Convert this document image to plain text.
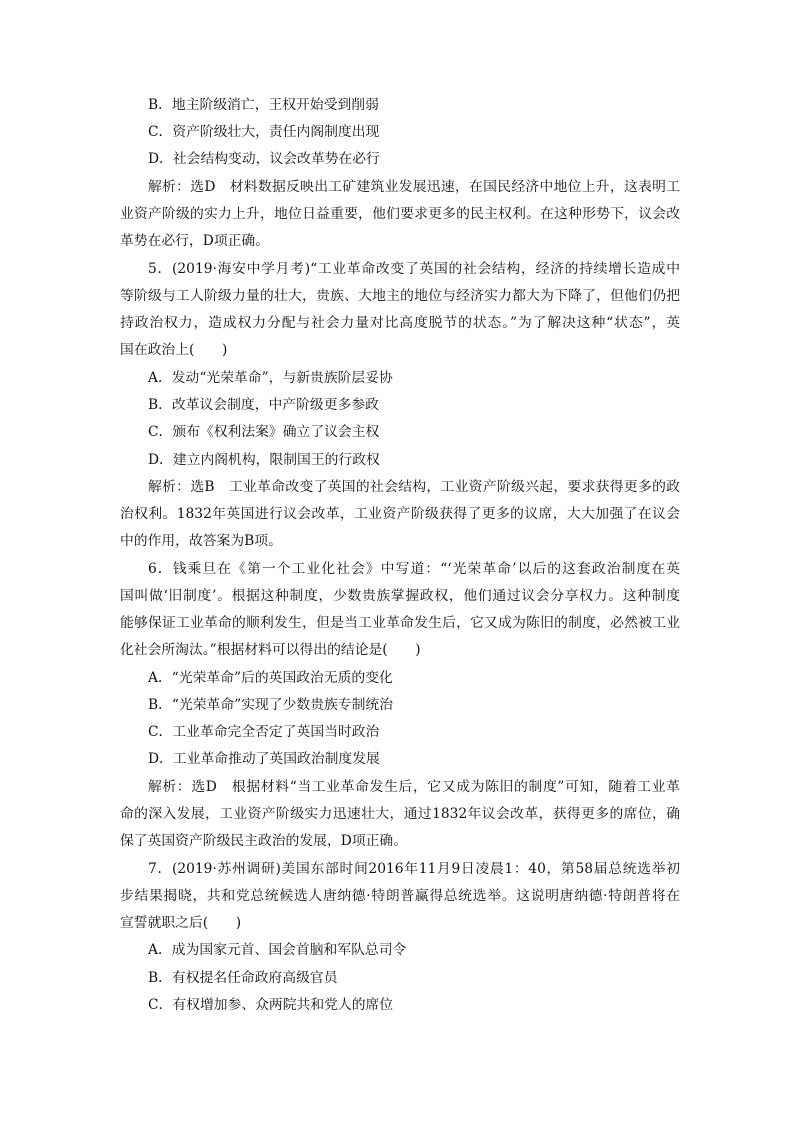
B．地主阶级消亡，王权开始受到削弱
C．资产阶级壮大，责任内阁制度出现
D．社会结构变动，议会改革势在必行
解析：选D　材料数据反映出工矿建筑业发展迅速，在国民经济中地位上升，这表明工
业资产阶级的实力上升，地位日益重要，他们要求更多的民主权利。在这种形势下，议会改
革势在必行，D项正确。
5．(2019·海安中学月考)“工业革命改变了英国的社会结构，经济的持续增长造成中
等阶级与工人阶级力量的壮大，贵族、大地主的地位与经济实力都大为下降了，但他们仍把
持政治权力，造成权力分配与社会力量对比高度脱节的状态。”为了解决这种“状态”，英
国在政治上(　　)
A．发动“光荣革命”，与新贵族阶层妥协
B．改革议会制度，中产阶级更多参政
C．颁布《权利法案》确立了议会主权
D．建立内阁机构，限制国王的行政权
解析：选B　工业革命改变了英国的社会结构，工业资产阶级兴起，要求获得更多的政
治权利。1832年英国进行议会改革，工业资产阶级获得了更多的议席，大大加强了在议会
中的作用，故答案为B项。
6．钱乘旦在《第一个工业化社会》中写道：“‘光荣革命’以后的这套政治制度在英
国叫做‘旧制度’。根据这种制度，少数贵族掌握政权，他们通过议会分享权力。这种制度
能够保证工业革命的顺利发生，但是当工业革命发生后，它又成为陈旧的制度，必然被工业
化社会所淘汰。”根据材料可以得出的结论是(　　)
A．“光荣革命”后的英国政治无质的变化
B．“光荣革命”实现了少数贵族专制统治
C．工业革命完全否定了英国当时政治
D．工业革命推动了英国政治制度发展
解析：选D　根据材料“当工业革命发生后，它又成为陈旧的制度”可知，随着工业革
命的深入发展，工业资产阶级实力迅速壮大，通过1832年议会改革，获得更多的席位，确
保了英国资产阶级民主政治的发展，D项正确。
7．(2019·苏州调研)美国东部时间2016年11月9日凌晨1：40，第58届总统选举初
步结果揭晓，共和党总统候选人唐纳德·特朗普赢得总统选举。这说明唐纳德·特朗普将在
宣誓就职之后(　　)
A．成为国家元首、国会首脑和军队总司令
B．有权提名任命政府高级官员
C．有权增加参、众两院共和党人的席位
